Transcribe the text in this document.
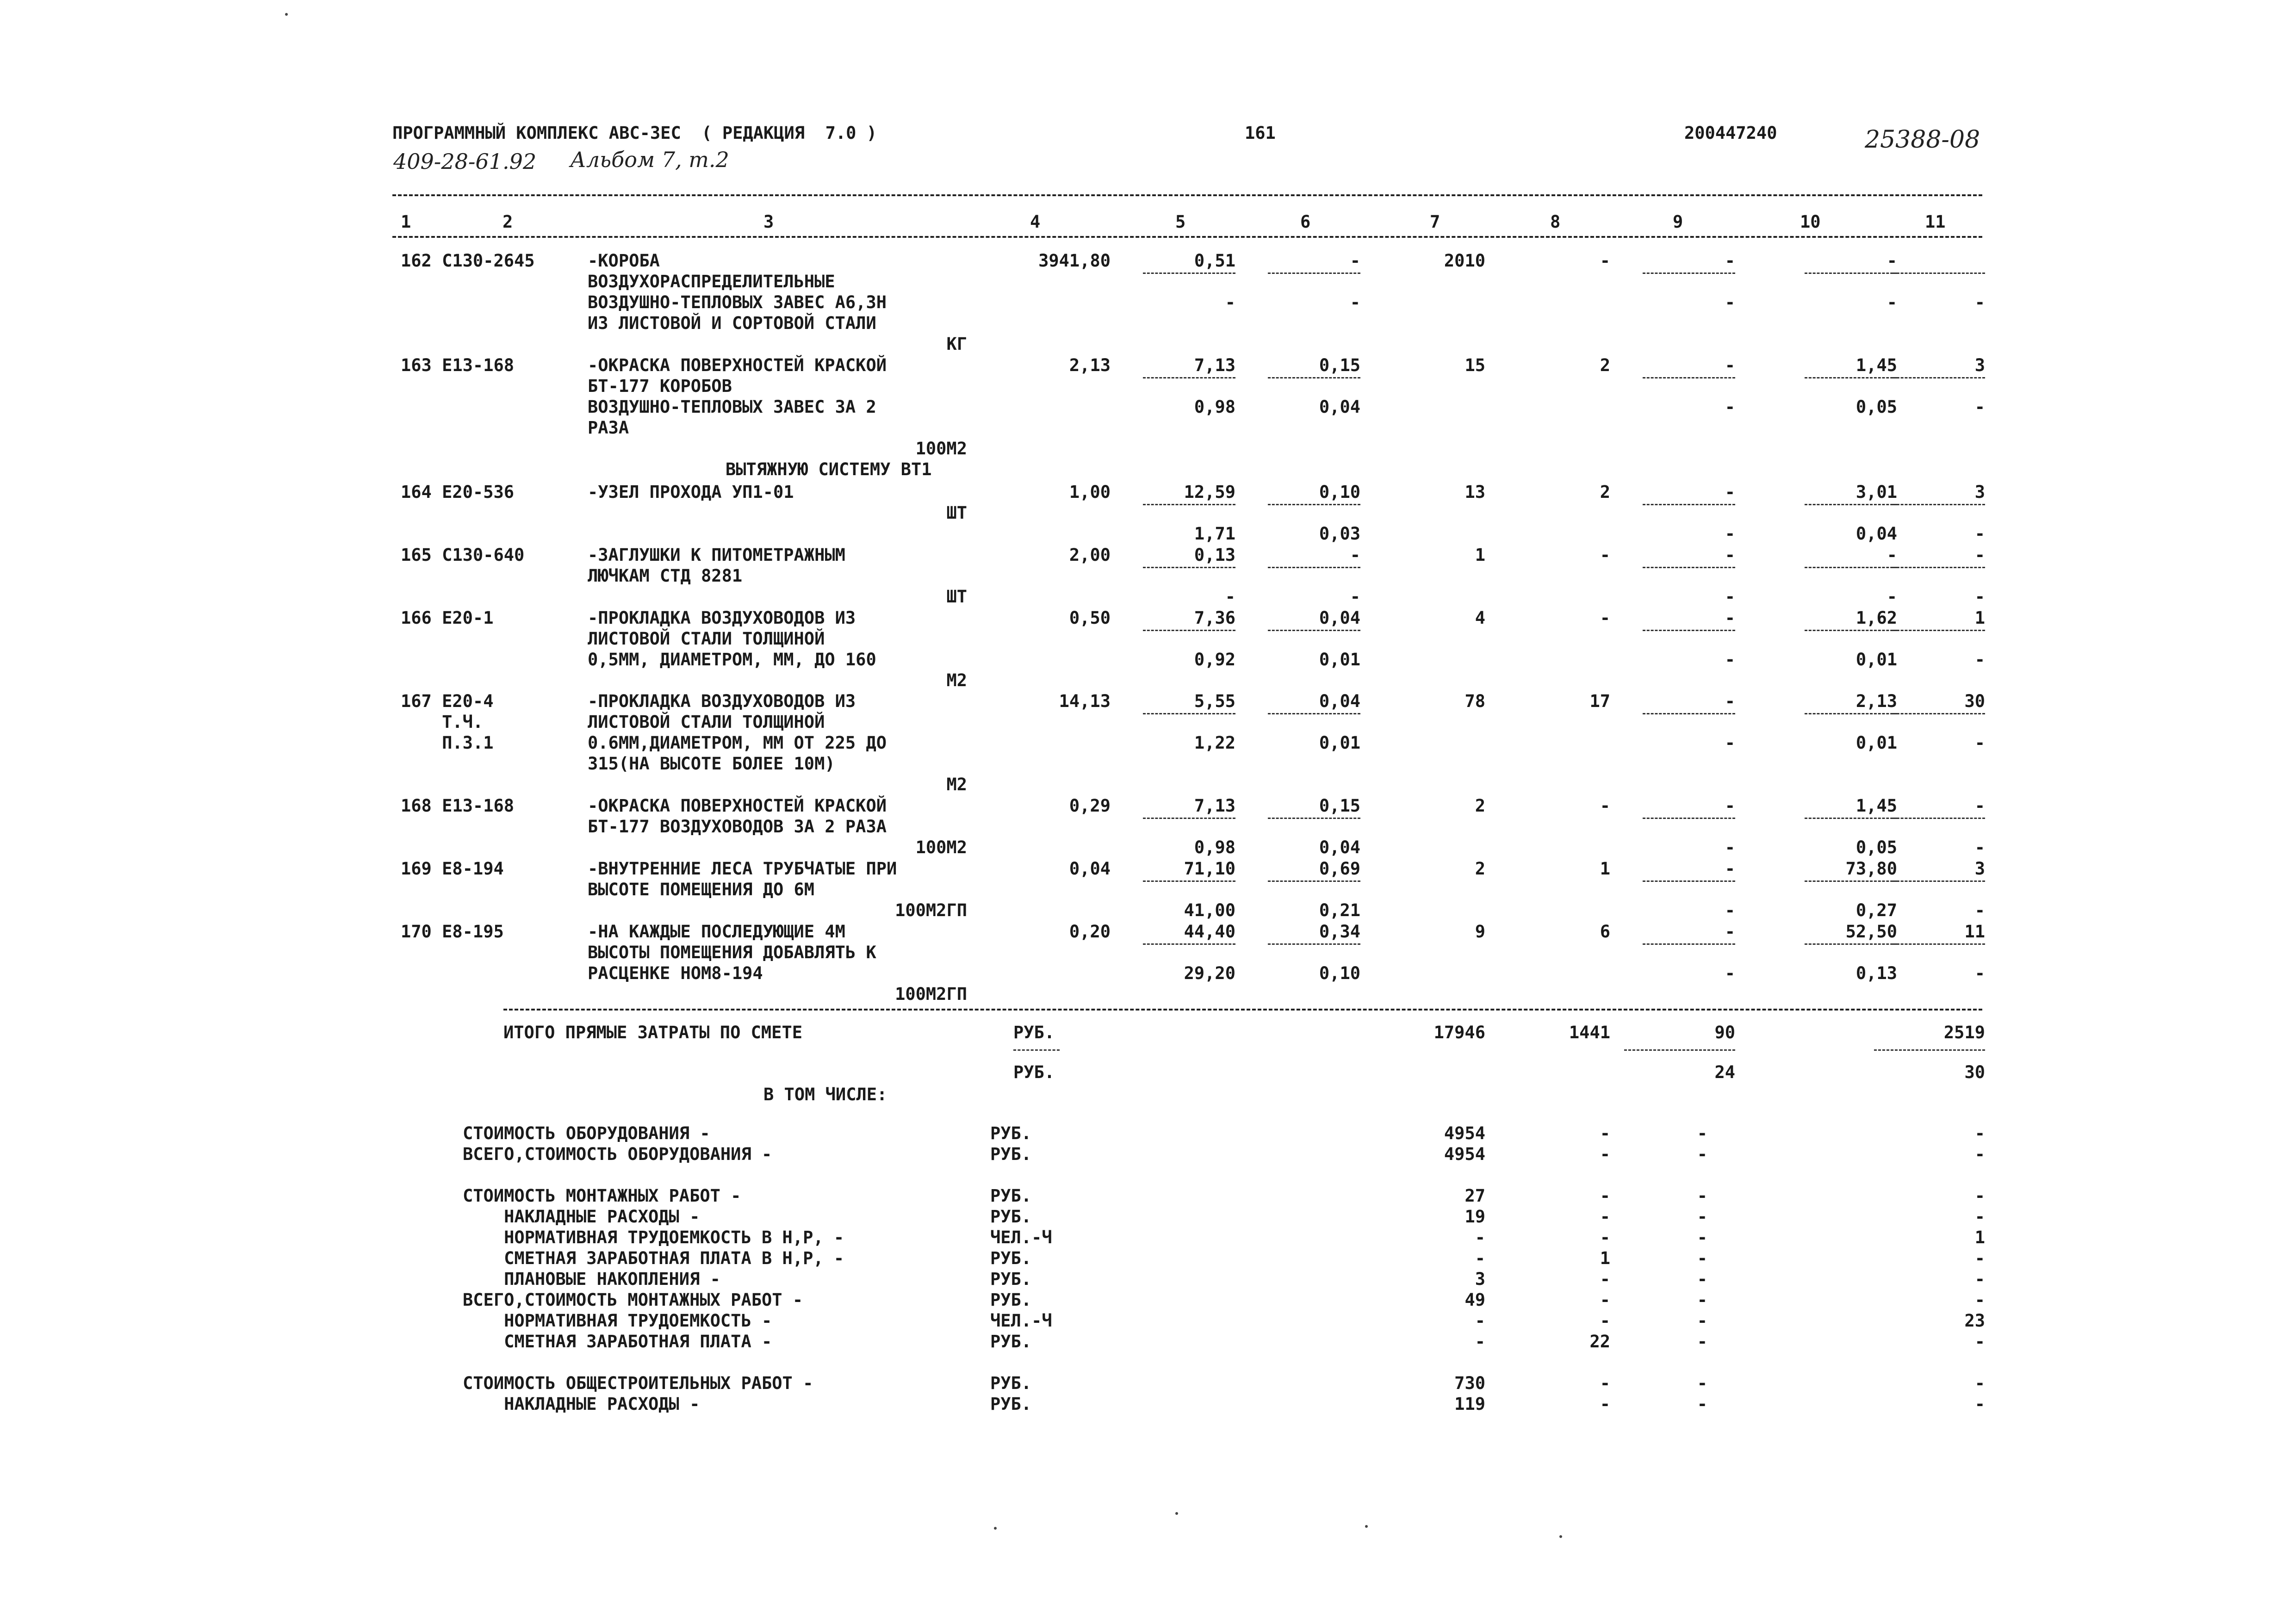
ПРОГРАММНЫЙ КОМПЛЕКС АВС-ЗЕС  ( РЕДАКЦИЯ  7.0 )	161	200447240	25388-08
409-28-61.92 Альбом 7, т.2
1	2	3	4	5	6	7	8	9	10	11
162 С130-2645	-КОРОБА	3941,80	0,51	-	2010	-	-	-
ВОЗДУХОРАСПРЕДЕЛИТЕЛЬНЫЕ
ВОЗДУШНО-ТЕПЛОВЫХ ЗАВЕС А6,3Н	-	-	-	-	-
ИЗ ЛИСТОВОЙ И СОРТОВОЙ СТАЛИ
КГ
163 Е13-168	-ОКРАСКА ПОВЕРХНОСТЕЙ КРАСКОЙ	2,13	7,13	0,15	15	2	-	1,45	3
БТ-177 КОРОБОВ
ВОЗДУШНО-ТЕПЛОВЫХ ЗАВЕС ЗА 2	0,98	0,04	-	0,05	-
РАЗА
100М2
ВЫТЯЖНУЮ СИСТЕМУ ВТ1
164 Е20-536	-УЗЕЛ ПРОХОДА УП1-01	1,00	12,59	0,10	13	2	-	3,01	3
ШТ
1,71	0,03	-	0,04	-
165 С130-640	-ЗАГЛУШКИ К ПИТОМЕТРАЖНЫМ	2,00	0,13	-	1	-	-	-	-
ЛЮЧКАМ СТД 8281
ШТ	-	-	-	-	-
166 Е20-1	-ПРОКЛАДКА ВОЗДУХОВОДОВ ИЗ	0,50	7,36	0,04	4	-	-	1,62	1
ЛИСТОВОЙ СТАЛИ ТОЛЩИНОЙ
0,5ММ, ДИАМЕТРОМ, ММ, ДО 160	0,92	0,01	-	0,01	-
М2
167 Е20-4	-ПРОКЛАДКА ВОЗДУХОВОДОВ ИЗ	14,13	5,55	0,04	78	17	-	2,13	30
Т.Ч.	ЛИСТОВОЙ СТАЛИ ТОЛЩИНОЙ
П.3.1	0.6ММ,ДИАМЕТРОМ, ММ ОТ 225 ДО	1,22	0,01	-	0,01	-
315(НА ВЫСОТЕ БОЛЕЕ 10М)
М2
168 Е13-168	-ОКРАСКА ПОВЕРХНОСТЕЙ КРАСКОЙ	0,29	7,13	0,15	2	-	-	1,45	-
БТ-177 ВОЗДУХОВОДОВ ЗА 2 РАЗА
100М2	0,98	0,04	-	0,05	-
169 Е8-194	-ВНУТРЕННИЕ ЛЕСА ТРУБЧАТЫЕ ПРИ	0,04	71,10	0,69	2	1	-	73,80	3
ВЫСОТЕ ПОМЕЩЕНИЯ ДО 6М
100М2ГП	41,00	0,21	-	0,27	-
170 Е8-195	-НА КАЖДЫЕ ПОСЛЕДУЮЩИЕ 4М	0,20	44,40	0,34	9	6	-	52,50	11
ВЫСОТЫ ПОМЕЩЕНИЯ ДОБАВЛЯТЬ К
РАСЦЕНКЕ НОМ8-194	29,20	0,10	-	0,13	-
100М2ГП
ИТОГО ПРЯМЫЕ ЗАТРАТЫ ПО СМЕТЕ	РУБ.	17946	1441	90	2519
РУБ.	24	30
В ТОМ ЧИСЛЕ:
СТОИМОСТЬ ОБОРУДОВАНИЯ -	РУБ.	4954	-	-	-
ВСЕГО,СТОИМОСТЬ ОБОРУДОВАНИЯ -	РУБ.	4954	-	-	-
СТОИМОСТЬ МОНТАЖНЫХ РАБОТ -	РУБ.	27	-	-	-
НАКЛАДНЫЕ РАСХОДЫ -	РУБ.	19	-	-	-
НОРМАТИВНАЯ ТРУДОЕМКОСТЬ В Н,Р, -	ЧЕЛ.-Ч	-	-	-	1
СМЕТНАЯ ЗАРАБОТНАЯ ПЛАТА В Н,Р, -	РУБ.	-	1	-	-
ПЛАНОВЫЕ НАКОПЛЕНИЯ -	РУБ.	3	-	-	-
ВСЕГО,СТОИМОСТЬ МОНТАЖНЫХ РАБОТ -	РУБ.	49	-	-	-
НОРМАТИВНАЯ ТРУДОЕМКОСТЬ -	ЧЕЛ.-Ч	-	-	-	23
СМЕТНАЯ ЗАРАБОТНАЯ ПЛАТА -	РУБ.	-	22	-	-
СТОИМОСТЬ ОБЩЕСТРОИТЕЛЬНЫХ РАБОТ -	РУБ.	730	-	-	-
НАКЛАДНЫЕ РАСХОДЫ -	РУБ.	119	-	-	-
